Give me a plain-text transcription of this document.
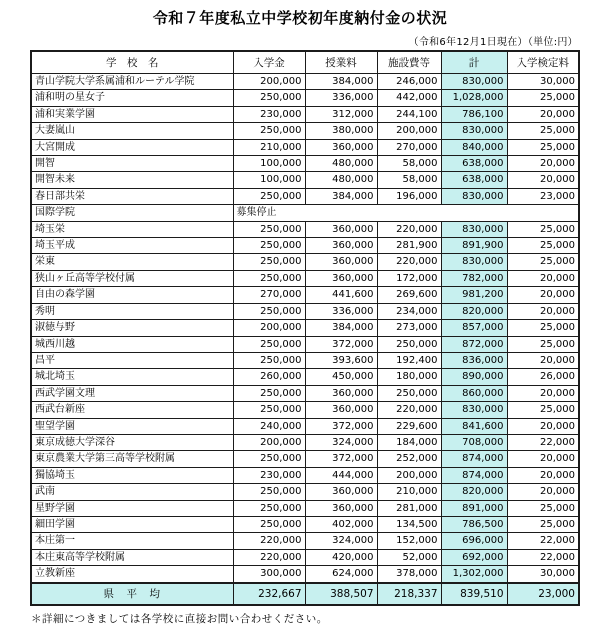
令和７年度私立中学校初年度納付金の状況
（令和6年12月1日現在）（単位:円）
学　校　名	入学金	授業料	施設費等	計	入学検定料
青山学院大学系属浦和ルーテル学院	200,000	384,000	246,000	830,000	30,000
浦和明の星女子	250,000	336,000	442,000	1,028,000	25,000
浦和実業学園	230,000	312,000	244,100	786,100	20,000
大妻嵐山	250,000	380,000	200,000	830,000	25,000
大宮開成	210,000	360,000	270,000	840,000	25,000
開智	100,000	480,000	58,000	638,000	20,000
開智未来	100,000	480,000	58,000	638,000	20,000
春日部共栄	250,000	384,000	196,000	830,000	23,000
国際学院	募集停止				
埼玉栄	250,000	360,000	220,000	830,000	25,000
埼玉平成	250,000	360,000	281,900	891,900	25,000
栄東	250,000	360,000	220,000	830,000	25,000
狭山ヶ丘高等学校付属	250,000	360,000	172,000	782,000	20,000
自由の森学園	270,000	441,600	269,600	981,200	20,000
秀明	250,000	336,000	234,000	820,000	20,000
淑徳与野	200,000	384,000	273,000	857,000	25,000
城西川越	250,000	372,000	250,000	872,000	25,000
昌平	250,000	393,600	192,400	836,000	20,000
城北埼玉	260,000	450,000	180,000	890,000	26,000
西武学園文理	250,000	360,000	250,000	860,000	20,000
西武台新座	250,000	360,000	220,000	830,000	25,000
聖望学園	240,000	372,000	229,600	841,600	20,000
東京成徳大学深谷	200,000	324,000	184,000	708,000	22,000
東京農業大学第三高等学校附属	250,000	372,000	252,000	874,000	20,000
獨協埼玉	230,000	444,000	200,000	874,000	20,000
武南	250,000	360,000	210,000	820,000	20,000
星野学園	250,000	360,000	281,000	891,000	25,000
細田学園	250,000	402,000	134,500	786,500	25,000
本庄第一	220,000	324,000	152,000	696,000	22,000
本庄東高等学校附属	220,000	420,000	52,000	692,000	22,000
立教新座	300,000	624,000	378,000	1,302,000	30,000
県　平　均	232,667	388,507	218,337	839,510	23,000
＊詳細につきましては各学校に直接お問い合わせください。
